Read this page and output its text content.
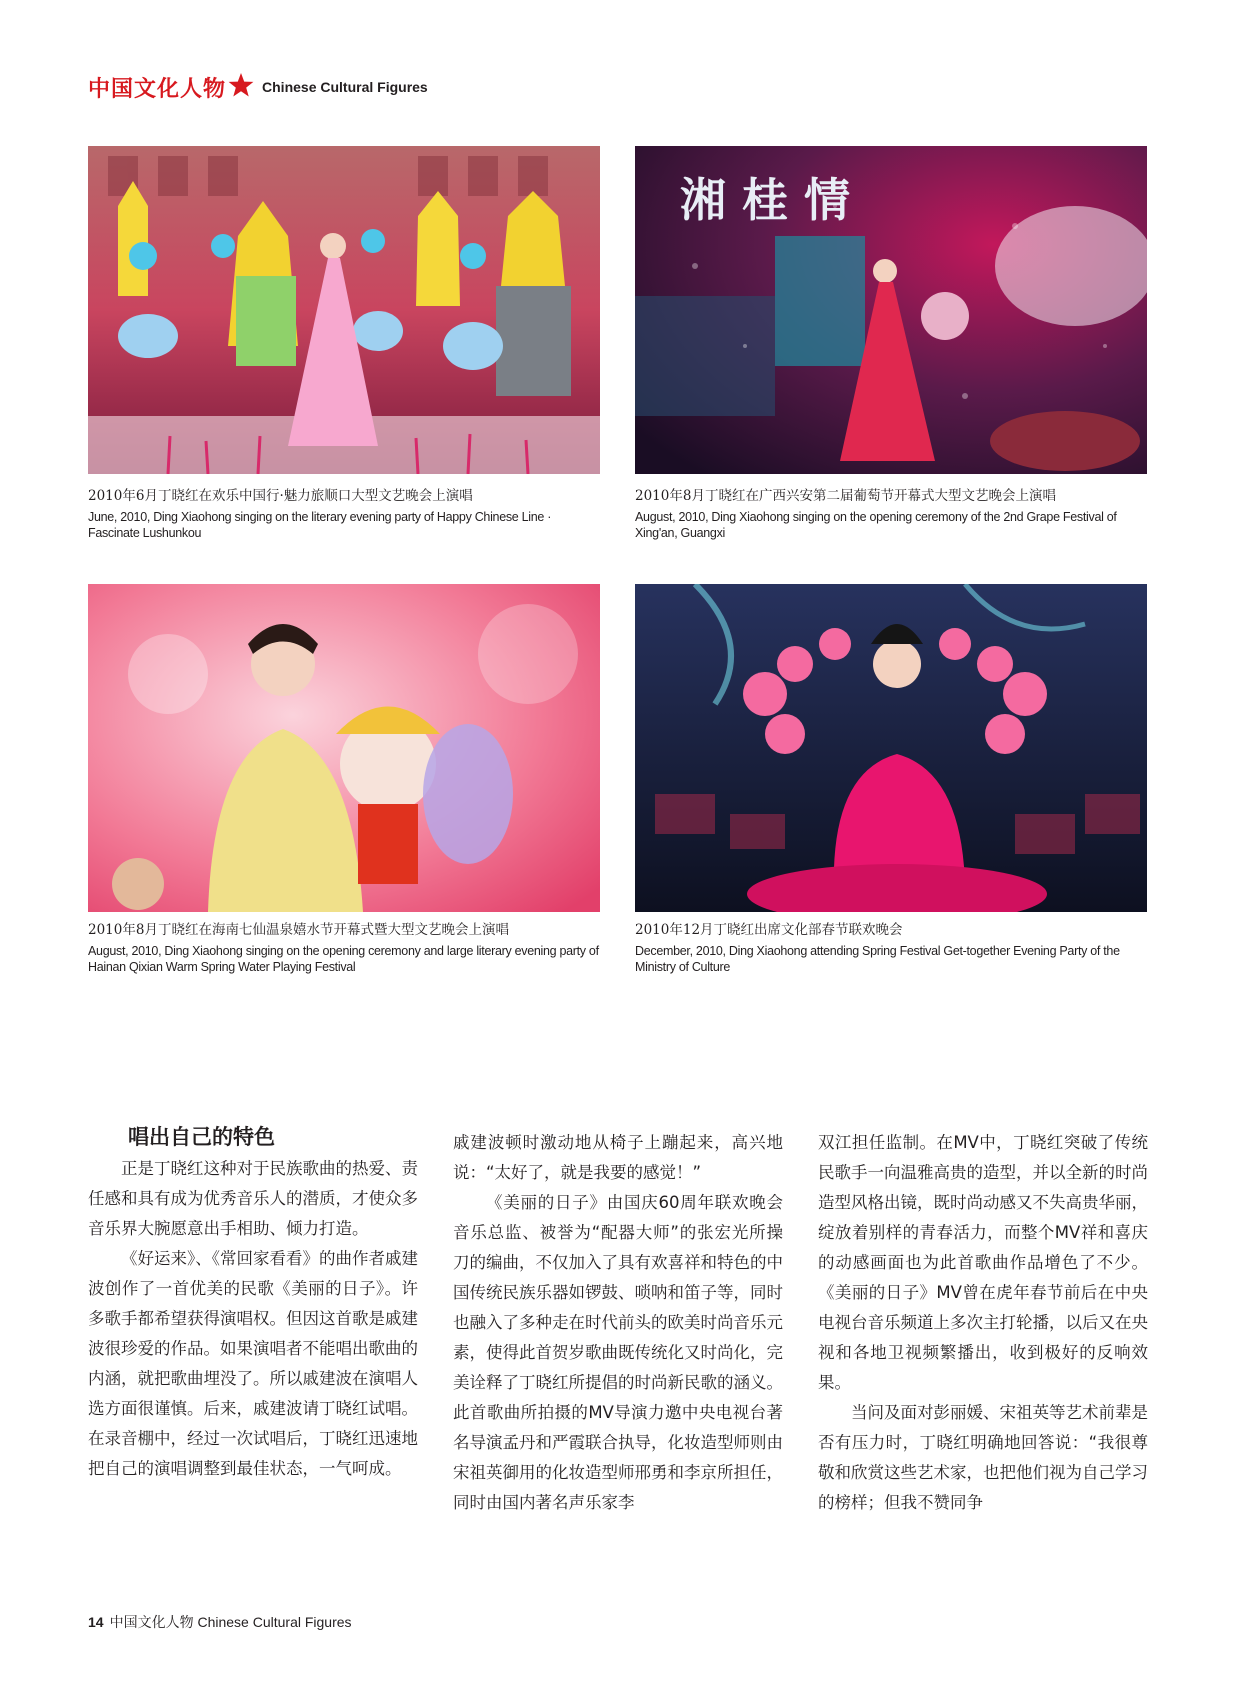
中国文化人物	Chinese Cultural Figures
湘 桂 情
2010年6月丁晓红在欢乐中国行·魅力旅顺口大型文艺晚会上演唱
June, 2010, Ding Xiaohong singing on the literary evening party of Happy Chinese Line · Fascinate Lushunkou
2010年8月丁晓红在广西兴安第二届葡萄节开幕式大型文艺晚会上演唱
August, 2010, Ding Xiaohong singing on the opening ceremony of the 2nd Grape Festival of Xing'an, Guangxi
2010年8月丁晓红在海南七仙温泉嬉水节开幕式暨大型文艺晚会上演唱
August, 2010, Ding Xiaohong singing on the opening ceremony and large literary evening party of Hainan Qixian Warm Spring Water Playing Festival
2010年12月丁晓红出席文化部春节联欢晚会
December, 2010, Ding Xiaohong attending Spring Festival Get-together Evening Party of the Ministry of Culture
唱出自己的特色

正是丁晓红这种对于民族歌曲的热爱、责任感和具有成为优秀音乐人的潜质，才使众多音乐界大腕愿意出手相助、倾力打造。

《好运来》、《常回家看看》的曲作者戚建波创作了一首优美的民歌《美丽的日子》。许多歌手都希望获得演唱权。但因这首歌是戚建波很珍爱的作品。如果演唱者不能唱出歌曲的内涵，就把歌曲埋没了。所以戚建波在演唱人选方面很谨慎。后来，戚建波请丁晓红试唱。在录音棚中，经过一次试唱后，丁晓红迅速地把自己的演唱调整到最佳状态，一气呵成。

戚建波顿时激动地从椅子上蹦起来，高兴地说：“太好了，就是我要的感觉！”

《美丽的日子》由国庆60周年联欢晚会音乐总监、被誉为“配器大师”的张宏光所操刀的编曲，不仅加入了具有欢喜祥和特色的中国传统民族乐器如锣鼓、唢呐和笛子等，同时也融入了多种走在时代前头的欧美时尚音乐元素，使得此首贺岁歌曲既传统化又时尚化，完美诠释了丁晓红所提倡的时尚新民歌的涵义。此首歌曲所拍摄的MV导演力邀中央电视台著名导演孟丹和严霞联合执导，化妆造型师则由宋祖英御用的化妆造型师邢勇和李京所担任，同时由国内著名声乐家李

双江担任监制。在MV中，丁晓红突破了传统民歌手一向温雅高贵的造型，并以全新的时尚造型风格出镜，既时尚动感又不失高贵华丽，绽放着别样的青春活力，而整个MV祥和喜庆的动感画面也为此首歌曲作品增色了不少。《美丽的日子》MV曾在虎年春节前后在中央电视台音乐频道上多次主打轮播，以后又在央视和各地卫视频繁播出，收到极好的反响效果。

当问及面对彭丽媛、宋祖英等艺术前辈是否有压力时，丁晓红明确地回答说：“我很尊敬和欣赏这些艺术家，也把他们视为自己学习的榜样；但我不赞同争

14 中国文化人物 Chinese Cultural Figures
